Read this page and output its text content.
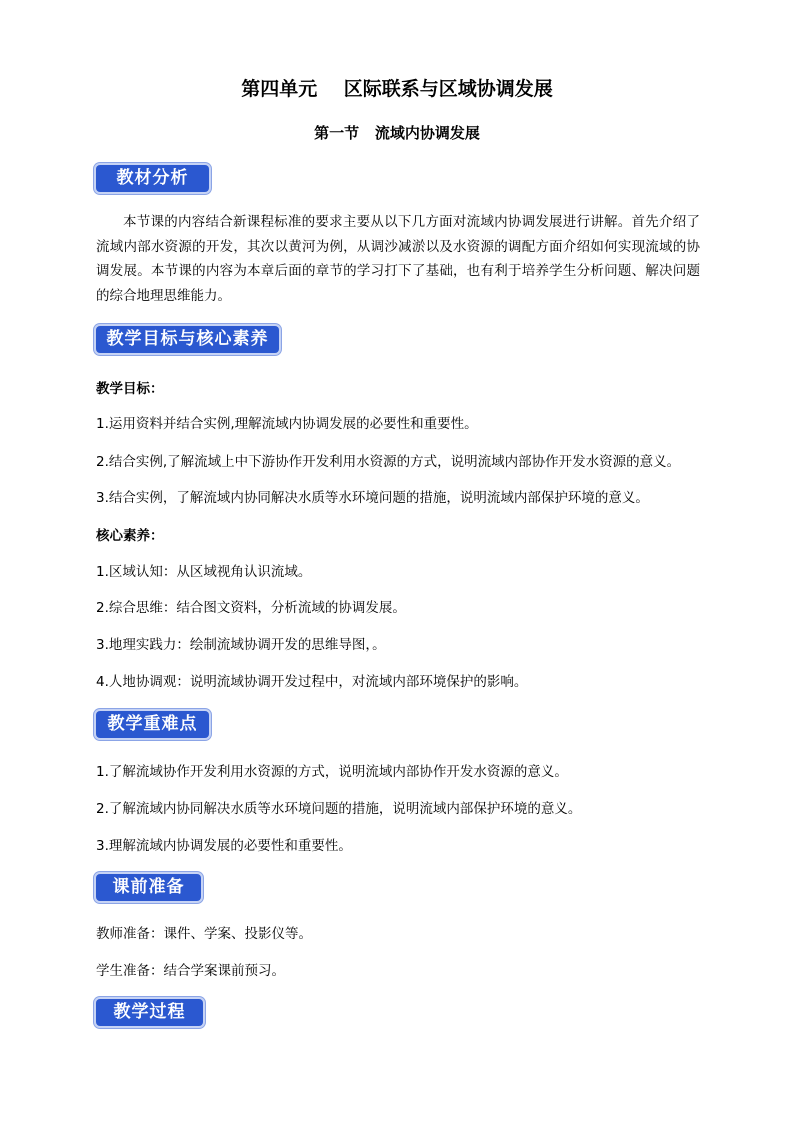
第四单元    区际联系与区域协调发展
第一节   流域内协调发展
教材分析

本节课的内容结合新课程标准的要求主要从以下几方面对流域内协调发展进行讲解。首先介绍了流域内部水资源的开发，其次以黄河为例，从调沙减淤以及水资源的调配方面介绍如何实现流域的协调发展。本节课的内容为本章后面的章节的学习打下了基础，也有利于培养学生分析问题、解决问题的综合地理思维能力。

教学目标与核心素养

教学目标：

1.运用资料并结合实例,理解流域内协调发展的必要性和重要性。

2.结合实例,了解流域上中下游协作开发利用水资源的方式，说明流域内部协作开发水资源的意义。

3.结合实例，了解流域内协同解决水质等水环境问题的措施，说明流域内部保护环境的意义。

核心素养：

1.区域认知：从区域视角认识流域。

2.综合思维：结合图文资料，分析流域的协调发展。

3.地理实践力：绘制流域协调开发的思维导图，。

4.人地协调观：说明流域协调开发过程中，对流域内部环境保护的影响。

教学重难点

1.了解流域协作开发利用水资源的方式，说明流域内部协作开发水资源的意义。

2.了解流域内协同解决水质等水环境问题的措施，说明流域内部保护环境的意义。

3.理解流域内协调发展的必要性和重要性。

课前准备

教师准备：课件、学案、投影仪等。

学生准备：结合学案课前预习。

教学过程
